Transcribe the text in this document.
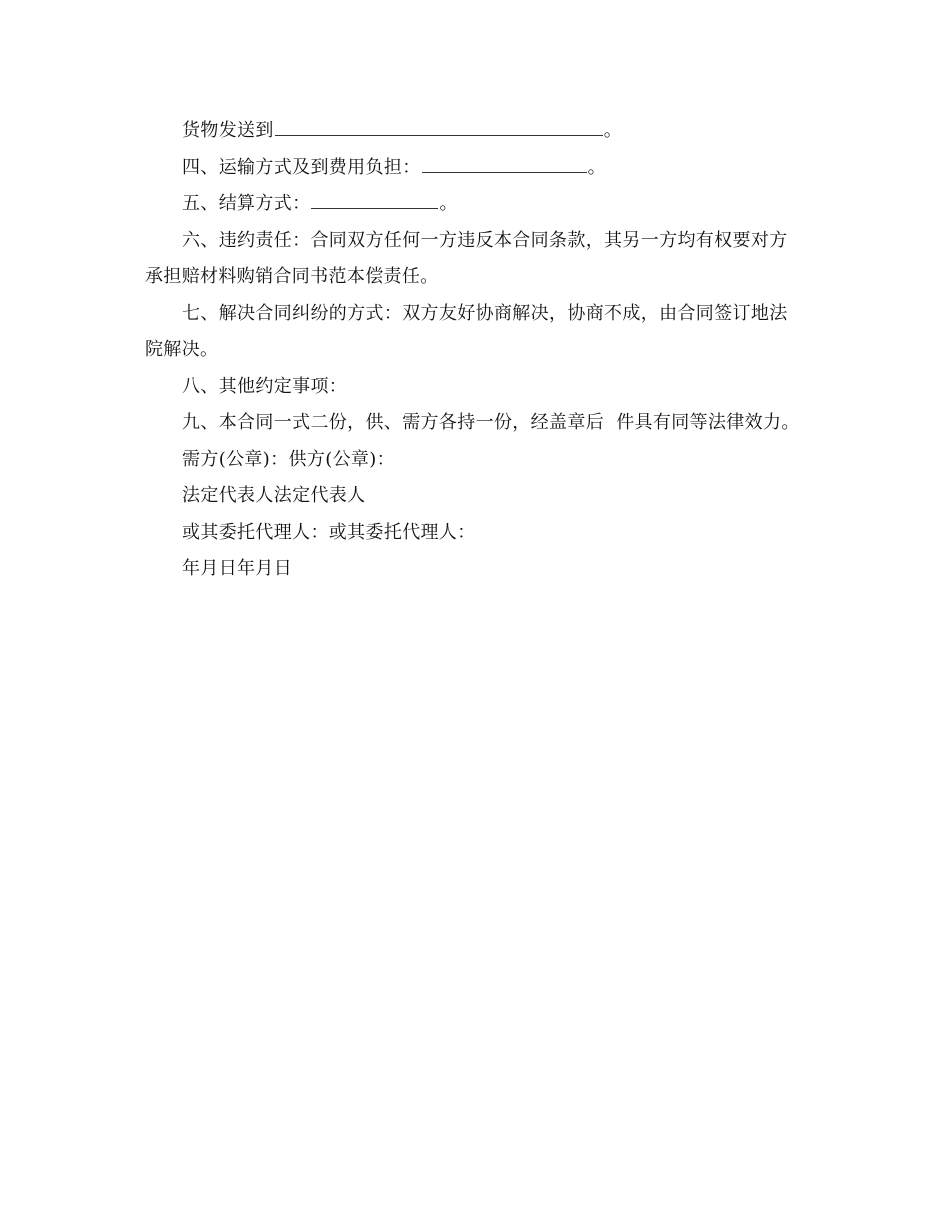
货物发送到	。

四、运输方式及到费用负担：	。

五、结算方式：	。

六、违约责任：合同双方任何一方违反本合同条款，其另一方均有权要对方承担赔材料购销合同书范本偿责任。

七、解决合同纠纷的方式：双方友好协商解决，协商不成，由合同签订地法院解决。

八、其他约定事项：

九、本合同一式二份，供、需方各持一份，经盖章后  件具有同等法律效力。

需方(公章)：供方(公章)：

法定代表人法定代表人

或其委托代理人：或其委托代理人：

年月日年月日
